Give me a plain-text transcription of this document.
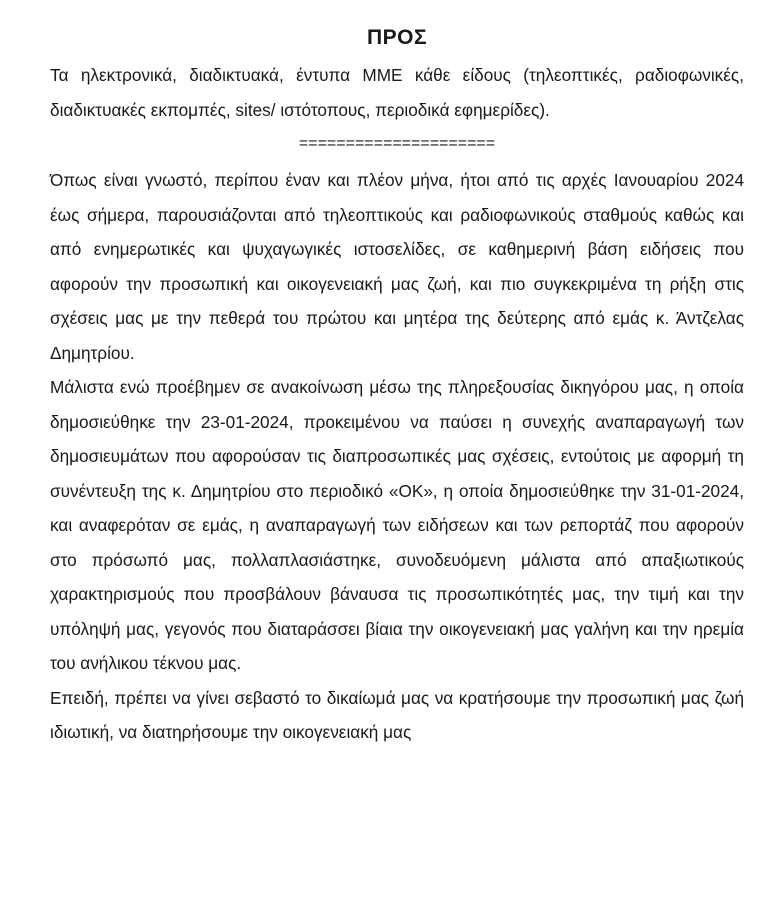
ΠΡΟΣ

Τα ηλεκτρονικά, διαδικτυακά, έντυπα ΜΜΕ κάθε είδους (τηλεοπτικές, ραδιοφωνικές, διαδικτυακές εκπομπές, sites/ ιστότοπους, περιοδικά εφημερίδες).

=====================

Όπως είναι γνωστό, περίπου έναν και πλέον μήνα, ήτοι από τις αρχές Ιανουαρίου 2024 έως σήμερα, παρουσιάζονται από τηλεοπτικούς και ραδιοφωνικούς σταθμούς καθώς και από ενημερωτικές και ψυχαγωγικές ιστοσελίδες, σε καθημερινή βάση ειδήσεις που αφορούν την προσωπική και οικογενειακή μας ζωή, και πιο συγκεκριμένα τη ρήξη στις σχέσεις μας με την πεθερά του πρώτου και μητέρα της δεύτερης από εμάς κ. Άντζελας Δημητρίου.

Μάλιστα ενώ προέβημεν σε ανακοίνωση μέσω της πληρεξουσίας δικηγόρου μας, η οποία δημοσιεύθηκε την 23-01-2024, προκειμένου να παύσει η συνεχής αναπαραγωγή των δημοσιευμάτων που αφορούσαν τις διαπροσωπικές μας σχέσεις, εντούτοις με αφορμή τη συνέντευξη της κ. Δημητρίου στο περιοδικό «ΟΚ», η οποία δημοσιεύθηκε την 31-01-2024, και αναφερόταν σε εμάς, η αναπαραγωγή των ειδήσεων και των ρεπορτάζ που αφορούν στο πρόσωπό μας, πολλαπλασιάστηκε, συνοδευόμενη μάλιστα από απαξιωτικούς χαρακτηρισμούς που προσβάλουν βάναυσα τις προσωπικότητές μας, την τιμή και την υπόληψή μας, γεγονός που διαταράσσει βίαια την οικογενειακή μας γαλήνη και την ηρεμία του ανήλικου τέκνου μας.

Επειδή, πρέπει να γίνει σεβαστό το δικαίωμά μας να κρατήσουμε την προσωπική μας ζωή ιδιωτική, να διατηρήσουμε την οικογενειακή μας
